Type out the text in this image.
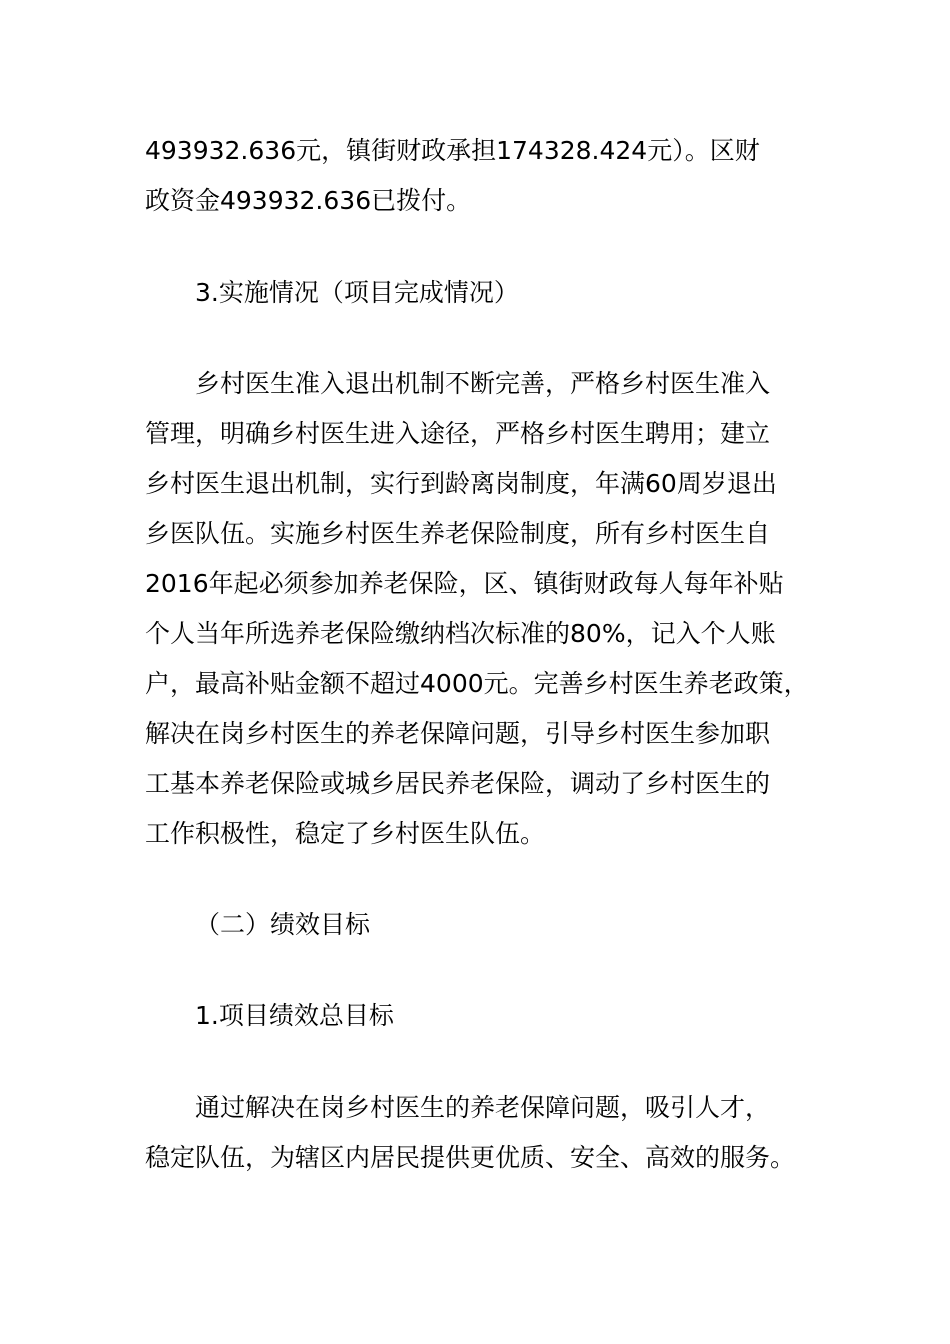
493932.636元，镇街财政承担174328.424元）。区财
政资金493932.636已拨付。
3.实施情况（项目完成情况）
乡村医生准入退出机制不断完善，严格乡村医生准入
管理，明确乡村医生进入途径，严格乡村医生聘用；建立
乡村医生退出机制，实行到龄离岗制度，年满60周岁退出
乡医队伍。实施乡村医生养老保险制度，所有乡村医生自
2016年起必须参加养老保险，区、镇街财政每人每年补贴
个人当年所选养老保险缴纳档次标准的80%，记入个人账
户，最高补贴金额不超过4000元。完善乡村医生养老政策，
解决在岗乡村医生的养老保障问题，引导乡村医生参加职
工基本养老保险或城乡居民养老保险，调动了乡村医生的
工作积极性，稳定了乡村医生队伍。
（二）绩效目标
1.项目绩效总目标
通过解决在岗乡村医生的养老保障问题，吸引人才，
稳定队伍，为辖区内居民提供更优质、安全、高效的服务。
